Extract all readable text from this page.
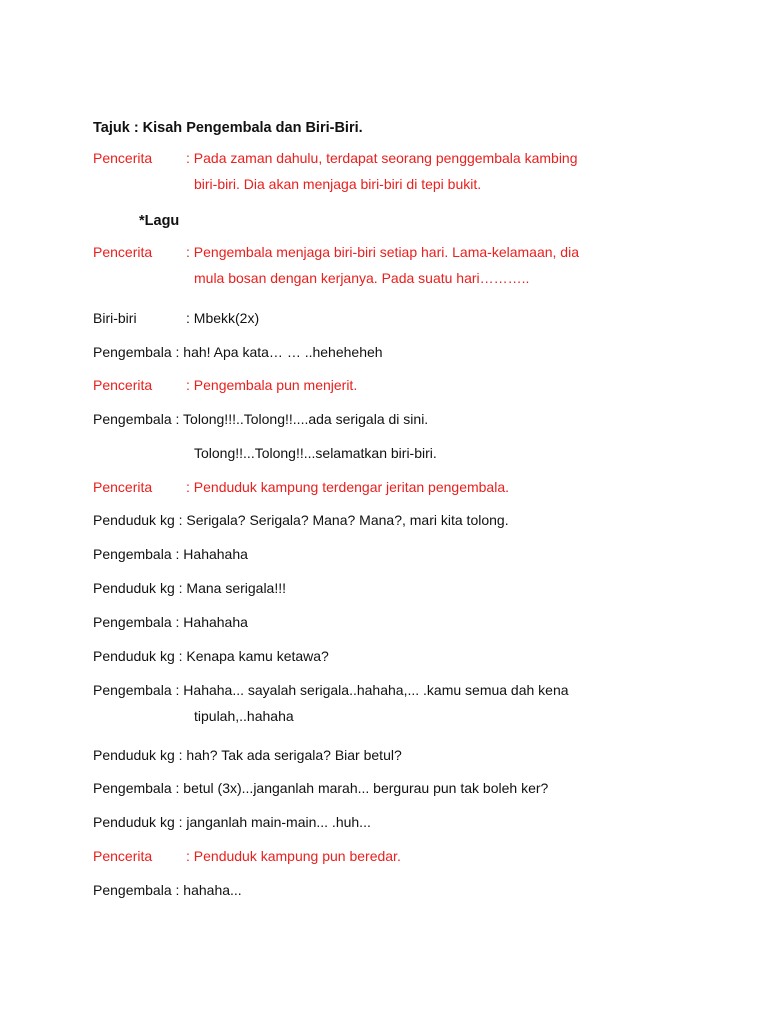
Tajuk : Kisah Pengembala dan Biri-Biri.
Pencerita : Pada zaman dahulu, terdapat seorang penggembala kambing
biri-biri. Dia akan menjaga biri-biri di tepi bukit.
*Lagu
Pencerita : Pengembala menjaga biri-biri setiap hari. Lama-kelamaan, dia
mula bosan dengan kerjanya. Pada suatu hari………..
Biri-biri	: Mbekk(2x)
Pengembala : hah! Apa kata… … ..heheheheh
Pencerita : Pengembala pun menjerit.
Pengembala : Tolong!!!..Tolong!!....ada serigala di sini.
Tolong!!...Tolong!!...selamatkan biri-biri.
Pencerita : Penduduk kampung terdengar jeritan pengembala.
Penduduk kg : Serigala? Serigala? Mana? Mana?, mari kita tolong.
Pengembala : Hahahaha
Penduduk kg : Mana serigala!!!
Pengembala : Hahahaha
Penduduk kg : Kenapa kamu ketawa?
Pengembala : Hahaha... sayalah serigala..hahaha,... .kamu semua dah kena
tipulah,..hahaha
Penduduk kg : hah? Tak ada serigala? Biar betul?
Pengembala : betul (3x)...janganlah marah... bergurau pun tak boleh ker?
Penduduk kg : janganlah main-main... .huh...
Pencerita : Penduduk kampung pun beredar.
Pengembala : hahaha...
